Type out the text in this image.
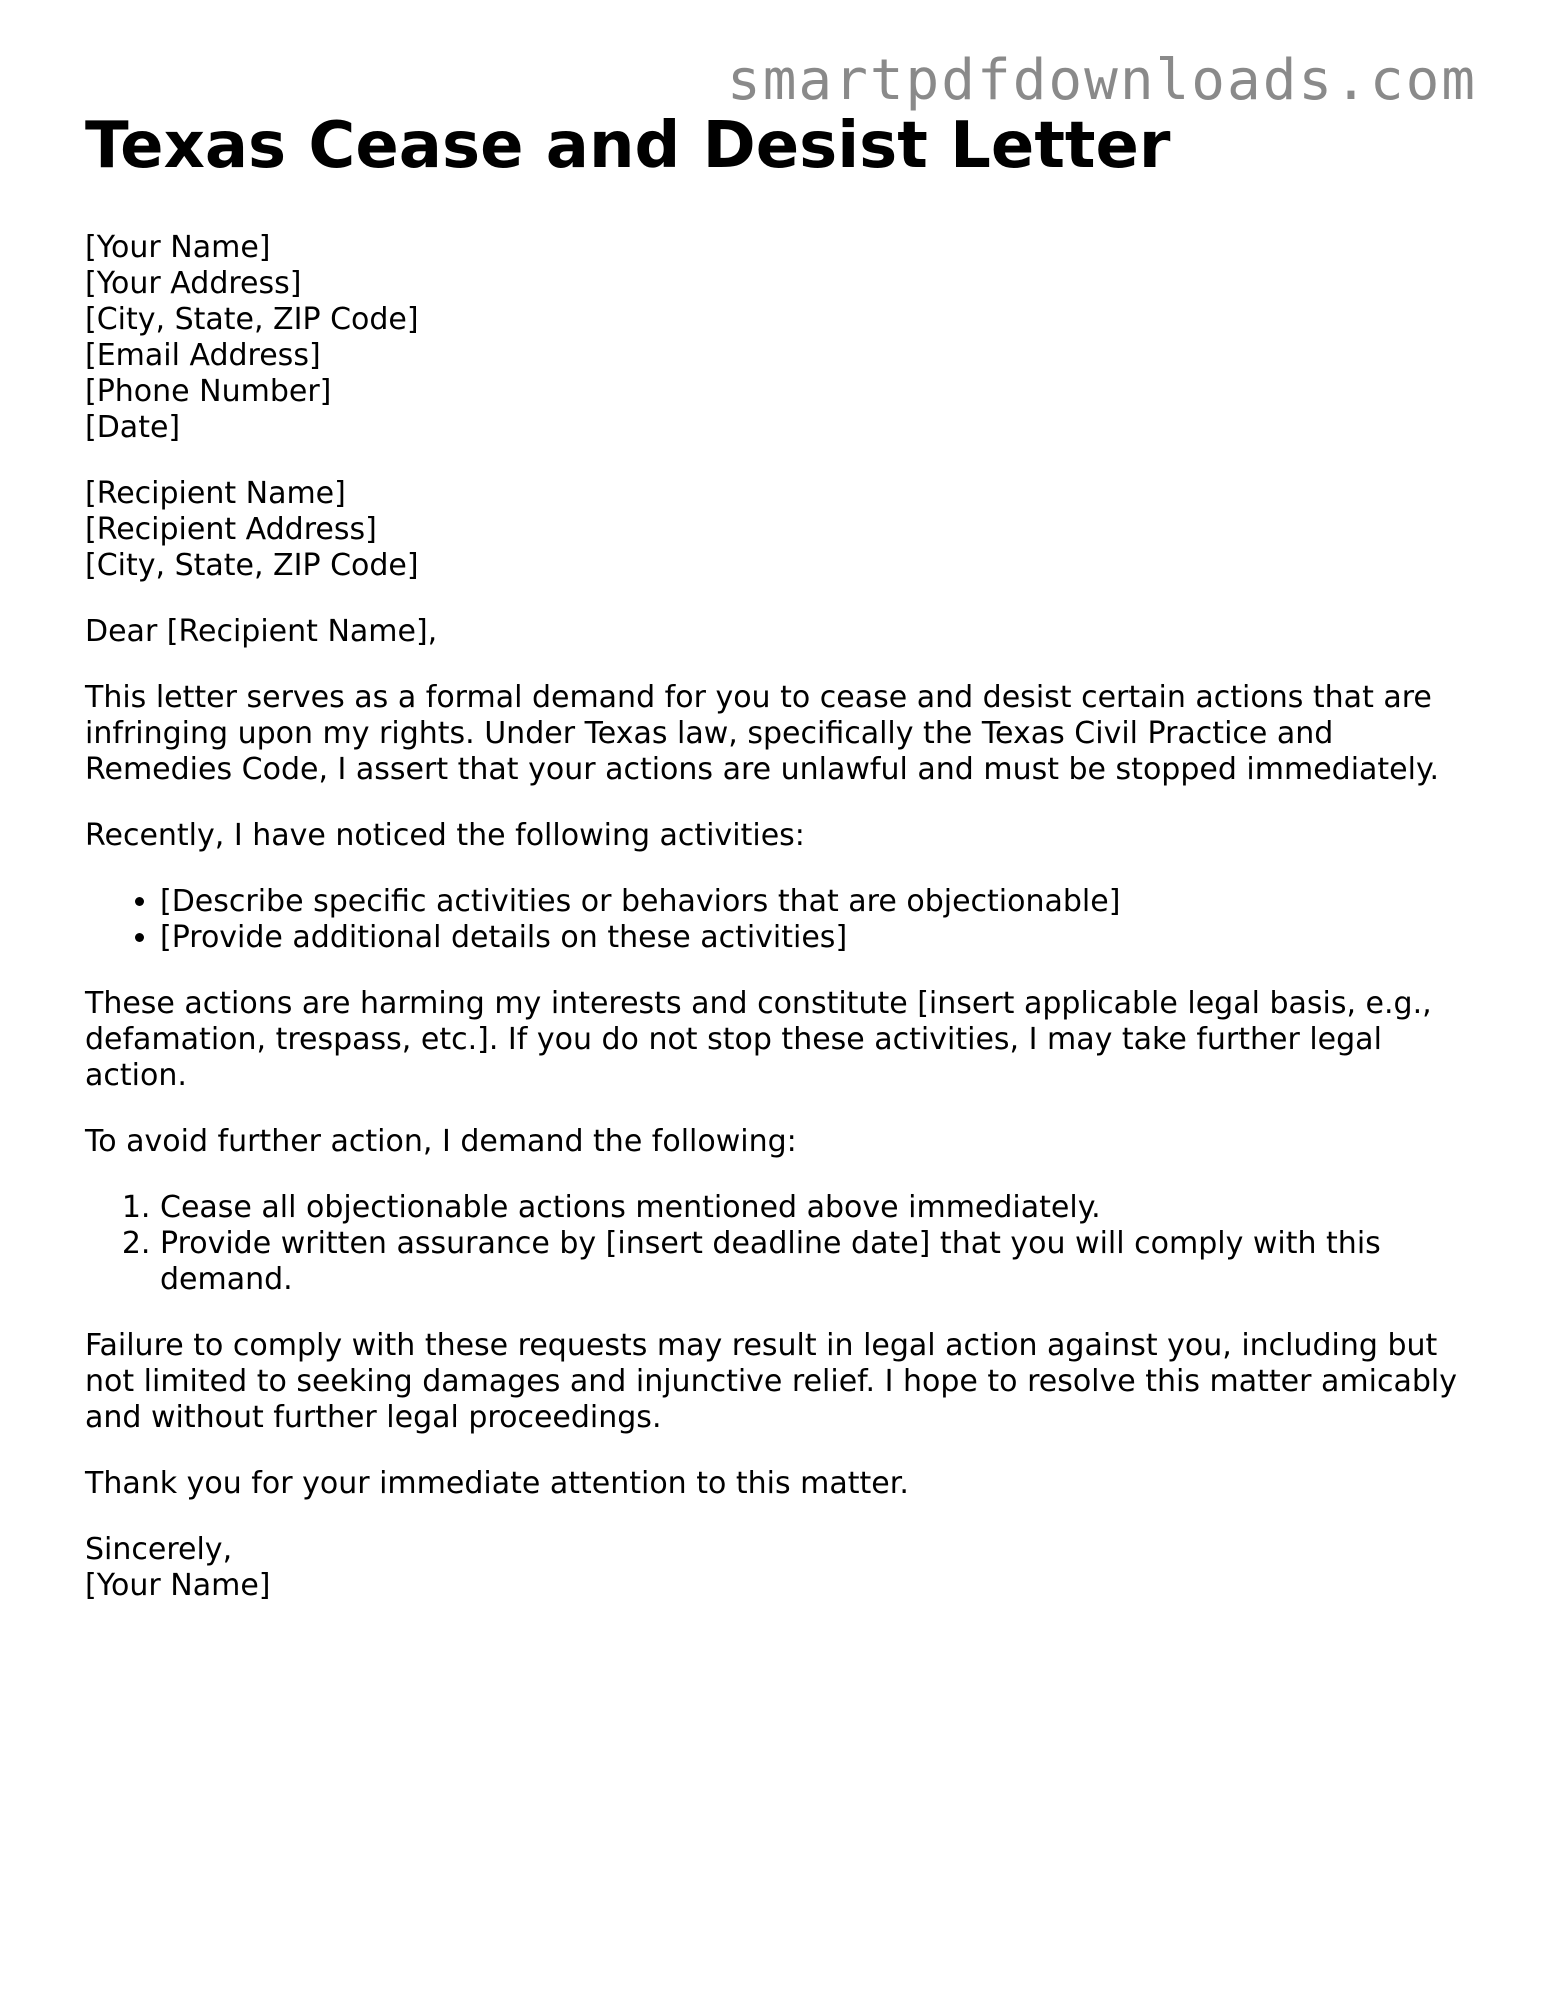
smartpdfdownloads.com
Texas Cease and Desist Letter
[Your Name]
[Your Address]
[City, State, ZIP Code]
[Email Address]
[Phone Number]
[Date]
[Recipient Name]
[Recipient Address]
[City, State, ZIP Code]

Dear [Recipient Name],

This letter serves as a formal demand for you to cease and desist certain actions that are infringing upon my rights. Under Texas law, specifically the Texas Civil Practice and Remedies Code, I assert that your actions are unlawful and must be stopped immediately.

Recently, I have noticed the following activities:

• [Describe specific activities or behaviors that are objectionable]
• [Provide additional details on these activities]

These actions are harming my interests and constitute [insert applicable legal basis, e.g., defamation, trespass, etc.]. If you do not stop these activities, I may take further legal action.

To avoid further action, I demand the following:

1. Cease all objectionable actions mentioned above immediately.
2. Provide written assurance by [insert deadline date] that you will comply with this demand.

Failure to comply with these requests may result in legal action against you, including but not limited to seeking damages and injunctive relief. I hope to resolve this matter amicably and without further legal proceedings.

Thank you for your immediate attention to this matter.

Sincerely,
[Your Name]
